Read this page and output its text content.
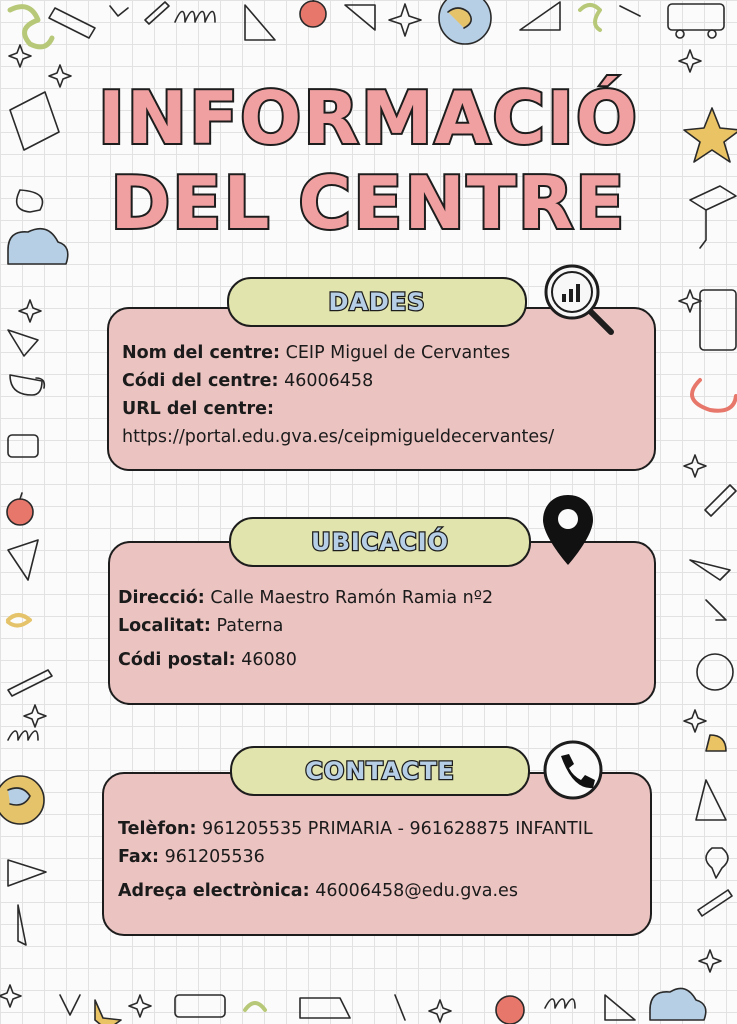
INFORMACIÓ
DEL CENTRE
DADES
Nom del centre: CEIP Miguel de Cervantes
Códi del centre: 46006458
URL del centre:
https://portal.edu.gva.es/ceipmigueldecervantes/
UBICACIÓ
Direcció: Calle Maestro Ramón Ramia nº2
Localitat: Paterna
Códi postal: 46080
CONTACTE
Telèfon: 961205535 PRIMARIA - 961628875 INFANTIL
Fax: 961205536
Adreça electrònica: 46006458@edu.gva.es
